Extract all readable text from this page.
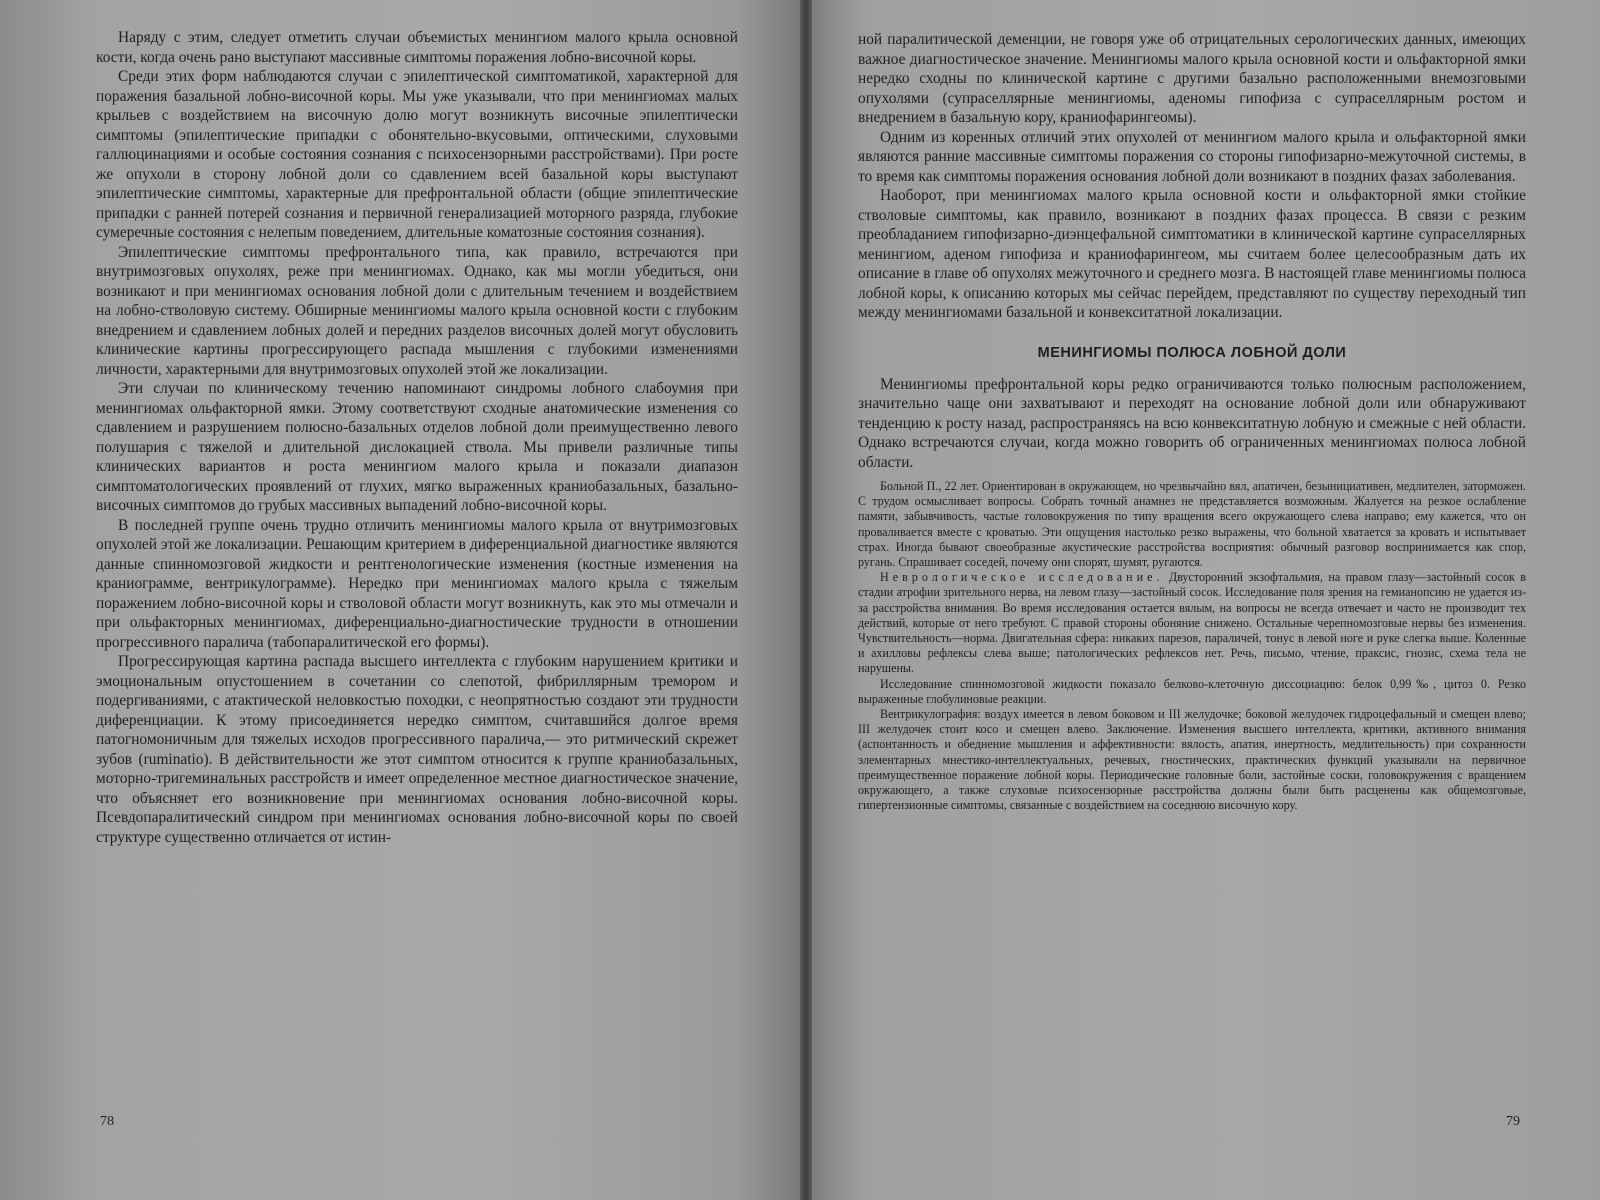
Наряду с этим, следует отметить случаи объемистых менингиом малого крыла основной кости, когда очень рано выступают массивные симптомы поражения лобно-височной коры.

Среди этих форм наблюдаются случаи с эпилептической симптоматикой, характерной для поражения базальной лобно-височной коры. Мы уже указывали, что при менингиомах малых крыльев с воздействием на височную долю могут возникнуть височные эпилептически симптомы (эпилептические припадки с обонятельно-вкусовыми, оптическими, слуховыми галлюцинациями и особые состояния сознания с психосензорными расстройствами). При росте же опухоли в сторону лобной доли со сдавлением всей базальной коры выступают эпилептические симптомы, характерные для префронтальной области (общие эпилептические припадки с ранней потерей сознания и первичной генерализацией моторного разряда, глубокие сумеречные состояния с нелепым поведением, длительные коматозные состояния сознания).

Эпилептические симптомы префронтального типа, как правило, встречаются при внутримозговых опухолях, реже при менингиомах. Однако, как мы могли убедиться, они возникают и при менингиомах основания лобной доли с длительным течением и воздействием на лобно-стволовую систему. Обширные менингиомы малого крыла основной кости с глубоким внедрением и сдавлением лобных долей и передних разделов височных долей могут обусловить клинические картины прогрессирующего распада мышления с глубокими изменениями личности, характерными для внутримозговых опухолей этой же локализации.

Эти случаи по клиническому течению напоминают синдромы лобного слабоумия при менингиомах ольфакторной ямки. Этому соответствуют сходные анатомические изменения со сдавлением и разрушением полюсно-базальных отделов лобной доли преимущественно левого полушария с тяжелой и длительной дислокацией ствола. Мы привели различные типы клинических вариантов и роста менингиом малого крыла и показали диапазон симптоматологических проявлений от глухих, мягко выраженных краниобазальных, базально-височных симптомов до грубых массивных выпадений лобно-височной коры.

В последней группе очень трудно отличить менингиомы малого крыла от внутримозговых опухолей этой же локализации. Решающим критерием в диференциальной диагностике являются данные спинномозговой жидкости и рентгенологические изменения (костные изменения на краниограмме, вентрикулограмме). Нередко при менингиомах малого крыла с тяжелым поражением лобно-височной коры и стволовой области могут возникнуть, как это мы отмечали и при ольфакторных менингиомах, диференциально-диагностические трудности в отношении прогрессивного паралича (табопаралитической его формы).

Прогрессирующая картина распада высшего интеллекта с глубоким нарушением критики и эмоциональным опустошением в сочетании со слепотой, фибриллярным тремором и подергиваниями, с атактической неловкостью походки, с неопрятностью создают эти трудности диференциации. К этому присоединяется нередко симптом, считавшийся долгое время патогномоничным для тяжелых исходов прогрессивного паралича,— это ритмический скрежет зубов (ruminatio). В действительности же этот симптом относится к группе краниобазальных, моторно-тригеминальных расстройств и имеет определенное местное диагностическое значение, что объясняет его возникновение при менингиомах основания лобно-височной коры. Псевдопаралитический синдром при менингиомах основания лобно-височной коры по своей структуре существенно отличается от истин-

78

ной паралитической деменции, не говоря уже об отрицательных серологических данных, имеющих важное диагностическое значение. Менингиомы малого крыла основной кости и ольфакторной ямки нередко сходны по клинической картине с другими базально расположенными внемозговыми опухолями (супраселлярные менингиомы, аденомы гипофиза с супраселлярным ростом и внедрением в базальную кору, краниофарингеомы).

Одним из коренных отличий этих опухолей от менингиом малого крыла и ольфакторной ямки являются ранние массивные симптомы поражения со стороны гипофизарно-межуточной системы, в то время как симптомы поражения основания лобной доли возникают в поздних фазах заболевания.

Наоборот, при менингиомах малого крыла основной кости и ольфакторной ямки стойкие стволовые симптомы, как правило, возникают в поздних фазах процесса. В связи с резким преобладанием гипофизарно-диэнцефальной симптоматики в клинической картине супраселлярных менингиом, аденом гипофиза и краниофарингеом, мы считаем более целесообразным дать их описание в главе об опухолях межуточного и среднего мозга. В настоящей главе менингиомы полюса лобной коры, к описанию которых мы сейчас перейдем, представляют по существу переходный тип между менингиомами базальной и конвекситатной локализации.

МЕНИНГИОМЫ ПОЛЮСА ЛОБНОЙ ДОЛИ

Менингиомы префронтальной коры редко ограничиваются только полюсным расположением, значительно чаще они захватывают и переходят на основание лобной доли или обнаруживают тенденцию к росту назад, распространяясь на всю конвекситатную лобную и смежные с ней области. Однако встречаются случаи, когда можно говорить об ограниченных менингиомах полюса лобной области.

Больной П., 22 лет. Ориентирован в окружающем, но чрезвычайно вял, апатичен, безынициативен, медлителен, заторможен. С трудом осмысливает вопросы. Собрать точный анамнез не представляется возможным. Жалуется на резкое ослабление памяти, забывчивость, частые головокружения по типу вращения всего окружающего слева направо; ему кажется, что он проваливается вместе с кроватью. Эти ощущения настолько резко выражены, что больной хватается за кровать и испытывает страх. Иногда бывают своеобразные акустические расстройства восприятия: обычный разговор воспринимается как спор, ругань. Спрашивает соседей, почему они спорят, шумят, ругаются.

Неврологическое исследование. Двусторонний экзофтальмия, на правом глазу—застойный сосок в стадии атрофии зрительного нерва, на левом глазу—застойный сосок. Исследование поля зрения на гемианопсию не удается из-за расстройства внимания. Во время исследования остается вялым, на вопросы не всегда отвечает и часто не производит тех действий, которые от него требуют. С правой стороны обоняние снижено. Остальные черепномозговые нервы без изменения. Чувствительность—норма. Двигательная сфера: никаких парезов, параличей, тонус в левой ноге и руке слегка выше. Коленные и ахилловы рефлексы слева выше; патологических рефлексов нет. Речь, письмо, чтение, праксис, гнозис, схема тела не нарушены.

Исследование спинномозговой жидкости показало белково-клеточную диссоциацию: белок 0,99‰, цитоз 0. Резко выраженные глобулиновые реакции.

Вентрикулография: воздух имеется в левом боковом и III желудочке; боковой желудочек гидроцефальный и смещен влево; III желудочек стоит косо и смещен влево. Заключение. Изменения высшего интеллекта, критики, активного внимания (аспонтанность и обеднение мышления и аффективности: вялость, апатия, инертность, медлительность) при сохранности элементарных мнестико-интеллектуальных, речевых, гностических, практических функций указывали на первичное преимущественное поражение лобной коры. Периодические головные боли, застойные соски, головокружения с вращением окружающего, а также слуховые психосензорные расстройства должны были быть расценены как общемозговые, гипертензионные симптомы, связанные с воздействием на соседнюю височную кору.

79
